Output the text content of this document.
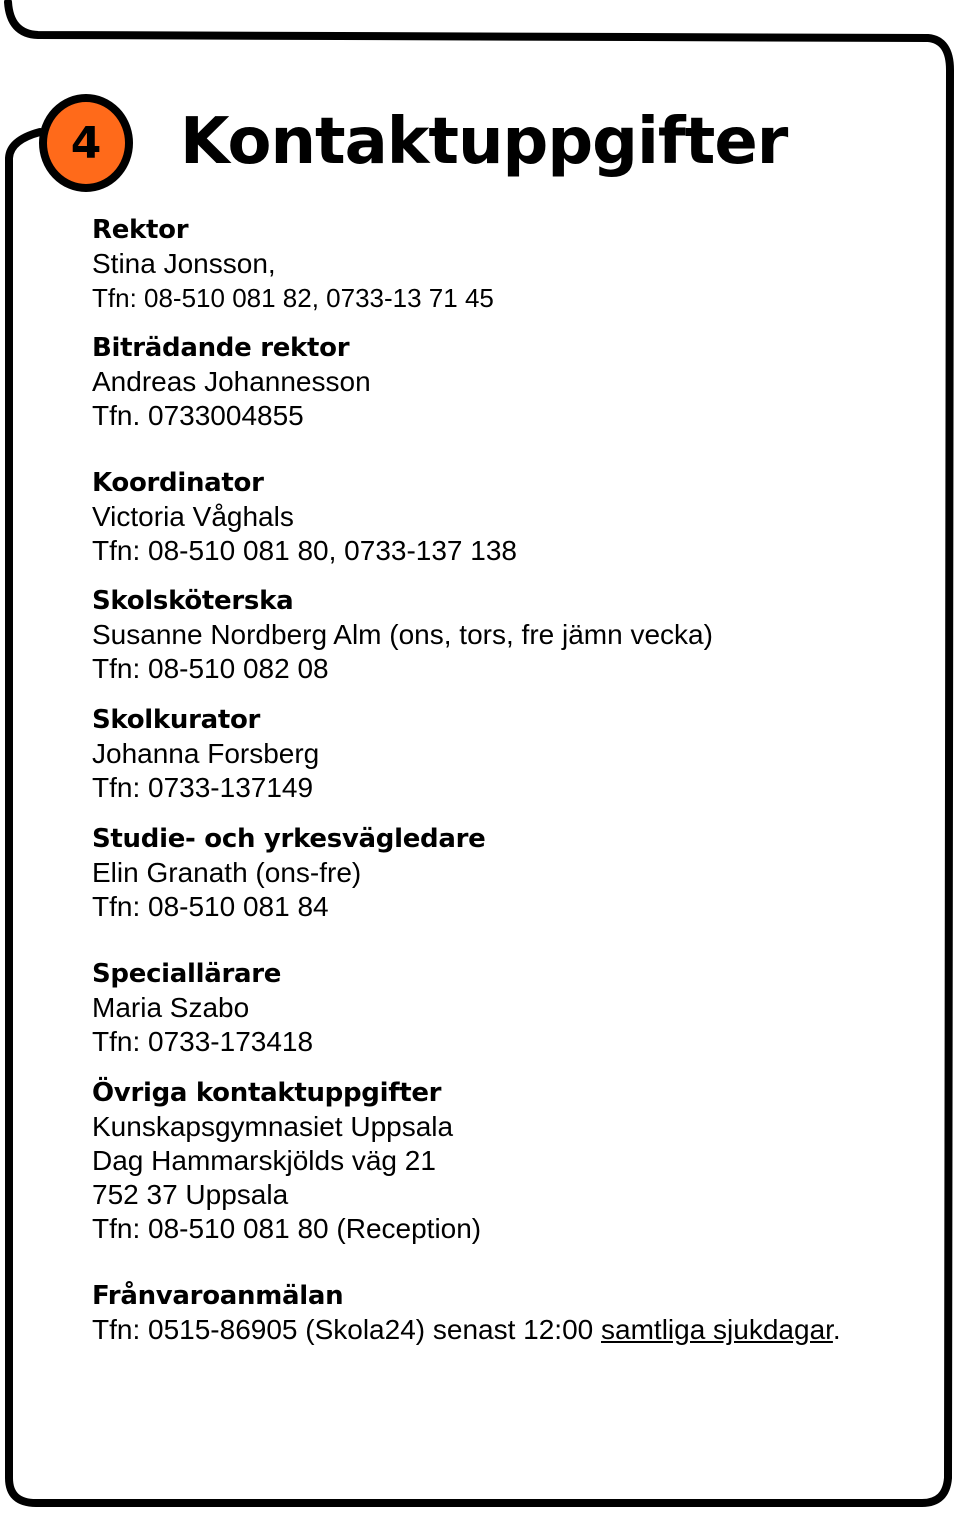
4	Kontaktuppgifter
Rektor
Stina Jonsson,
Tfn: 08-510 081 82, 0733-13 71 45
Biträdande rektor
Andreas Johannesson
Tfn. 0733004855
Koordinator
Victoria Våghals
Tfn: 08-510 081 80, 0733-137 138
Skolsköterska
Susanne Nordberg Alm (ons, tors, fre jämn vecka)
Tfn: 08-510 082 08
Skolkurator
Johanna Forsberg
Tfn: 0733-137149
Studie- och yrkesvägledare
Elin Granath (ons-fre)
Tfn: 08-510 081 84
Speciallärare
Maria Szabo
Tfn: 0733-173418
Övriga kontaktuppgifter
Kunskapsgymnasiet Uppsala
Dag Hammarskjölds väg 21
752 37 Uppsala
Tfn: 08-510 081 80 (Reception)
Frånvaroanmälan
Tfn: 0515-86905 (Skola24) senast 12:00 samtliga sjukdagar.
